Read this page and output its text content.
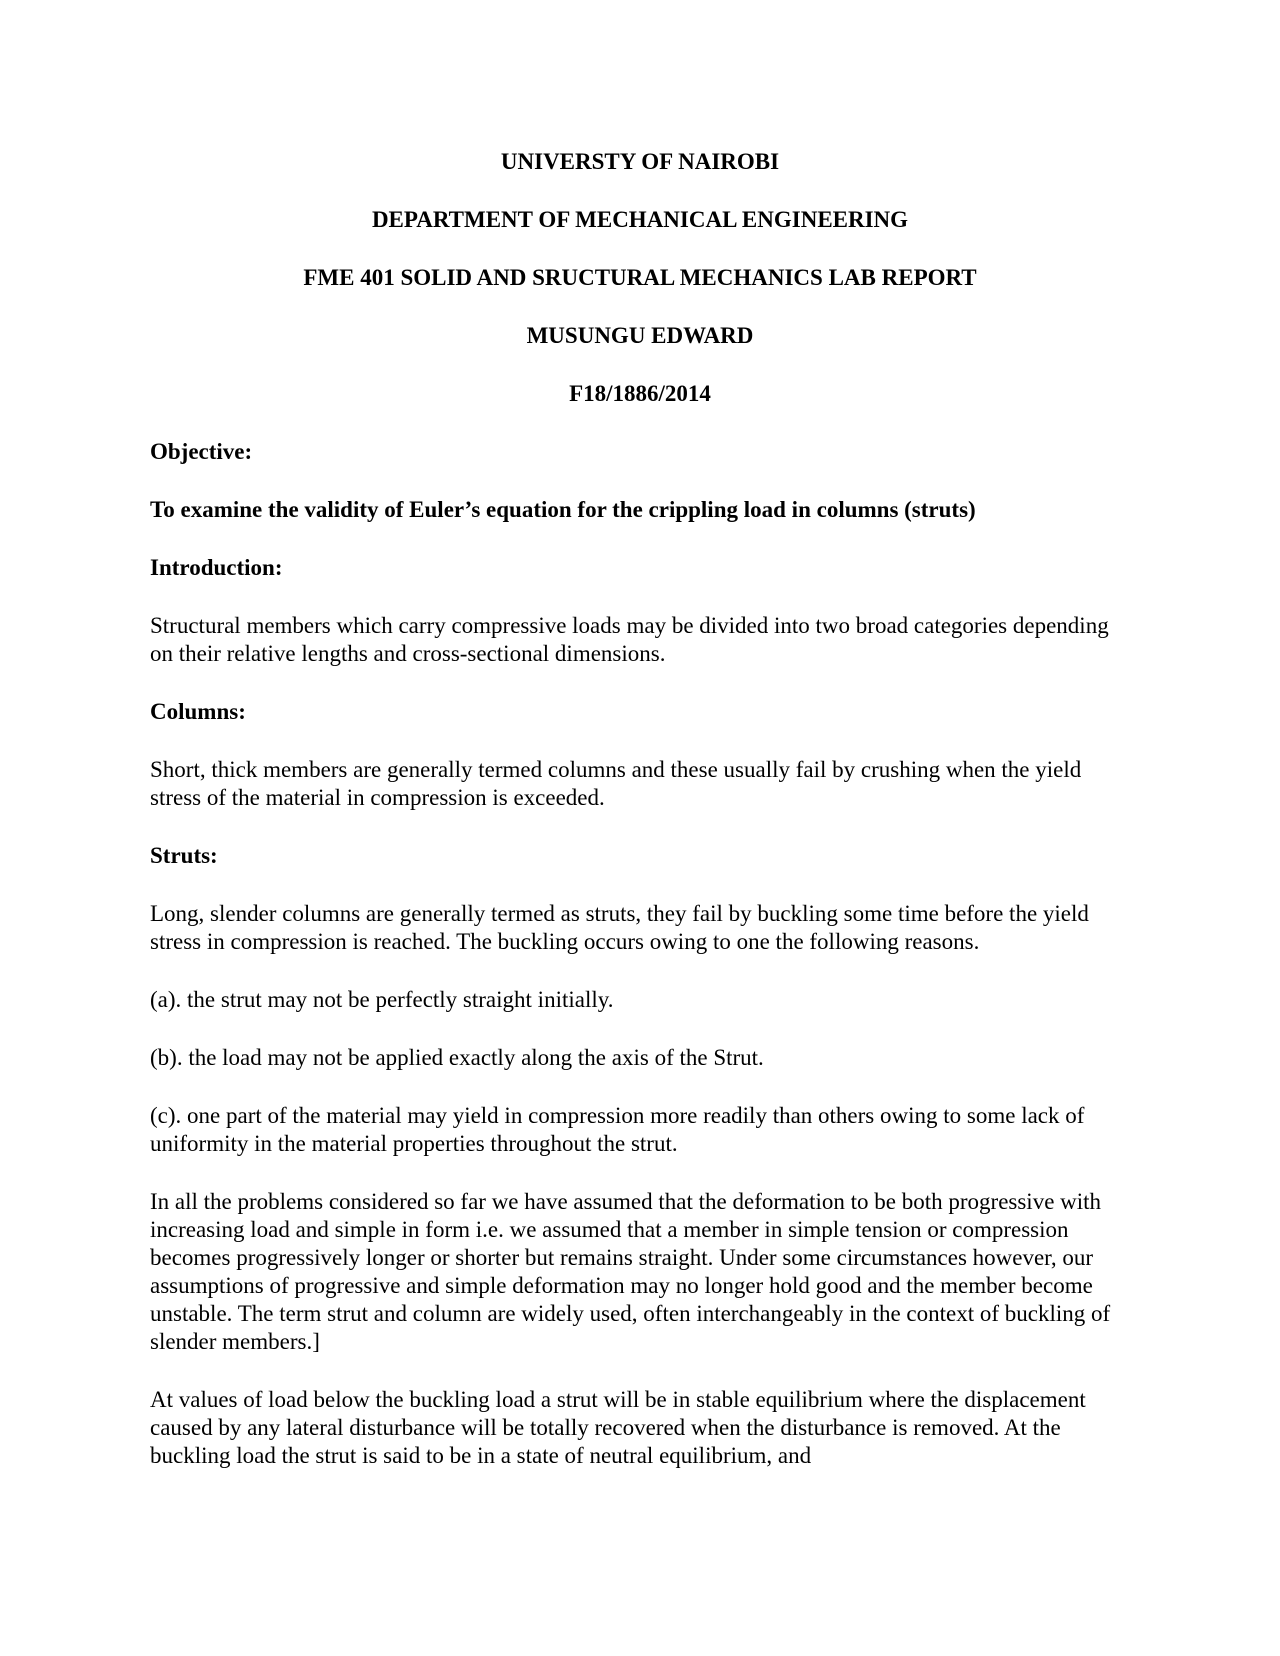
UNIVERSTY OF NAIROBI

DEPARTMENT OF MECHANICAL ENGINEERING

FME 401 SOLID AND SRUCTURAL MECHANICS LAB REPORT

MUSUNGU EDWARD

F18/1886/2014

Objective:

To examine the validity of Euler’s equation for the crippling load in columns (struts)

Introduction:

Structural members which carry compressive loads may be divided into two broad categories depending on their relative lengths and cross-sectional dimensions.

Columns:

Short, thick members are generally termed columns and these usually fail by crushing when the yield stress of the material in compression is exceeded.

Struts:

Long, slender columns are generally termed as struts, they fail by buckling some time before the yield stress in compression is reached. The buckling occurs owing to one the following reasons.

(a). the strut may not be perfectly straight initially.

(b). the load may not be applied exactly along the axis of the Strut.

(c). one part of the material may yield in compression more readily than others owing to some lack of uniformity in the material properties throughout the strut.

In all the problems considered so far we have assumed that the deformation to be both progressive with increasing load and simple in form i.e. we assumed that a member in simple tension or compression becomes progressively longer or shorter but remains straight. Under some circumstances however, our assumptions of progressive and simple deformation may no longer hold good and the member become unstable. The term strut and column are widely used, often interchangeably in the context of buckling of slender members.]

At values of load below the buckling load a strut will be in stable equilibrium where the displacement caused by any lateral disturbance will be totally recovered when the disturbance is removed. At the buckling load the strut is said to be in a state of neutral equilibrium, and
